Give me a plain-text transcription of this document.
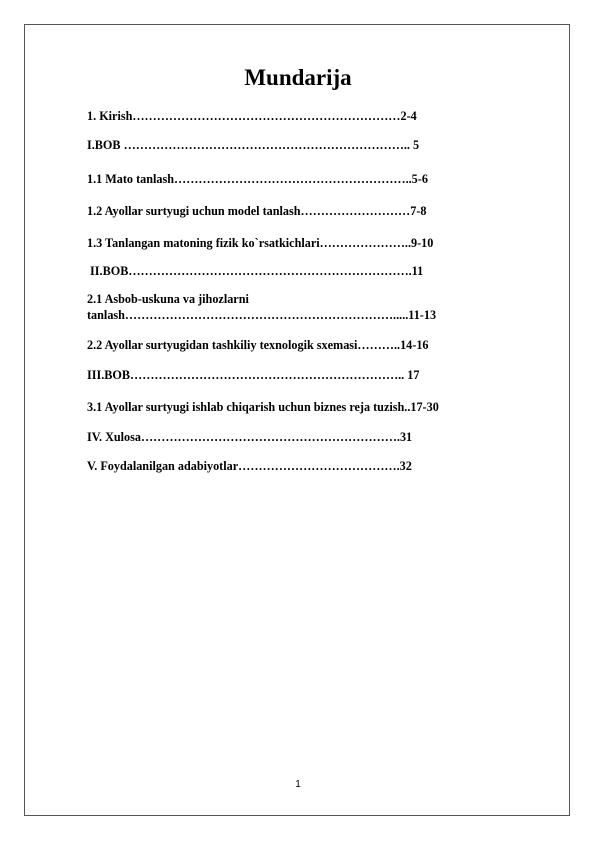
Mundarija
1. Kirish…………………………………………………………2-4
I.BOB …………………………………………………………….. 5
1.1 Mato tanlash…………………………………………………..5-6
1.2 Ayollar surtyugi uchun model tanlash………………………7-8
1.3 Tanlangan matoning fizik ko`rsatkichlari…………………..9-10
II.BOB…………………………………………………………….11
2.1 Asbob-uskuna va jihozlarni
tanlash………………………………………………………….....11-13
2.2 Ayollar surtyugidan tashkiliy texnologik sxemasi………..14-16
III.BOB………………………………………………………….. 17
3.1 Ayollar surtyugi ishlab chiqarish uchun biznes reja tuzish..17-30
IV. Xulosa……………………………………………………….31
V. Foydalanilgan adabiyotlar………………………………….32
1
